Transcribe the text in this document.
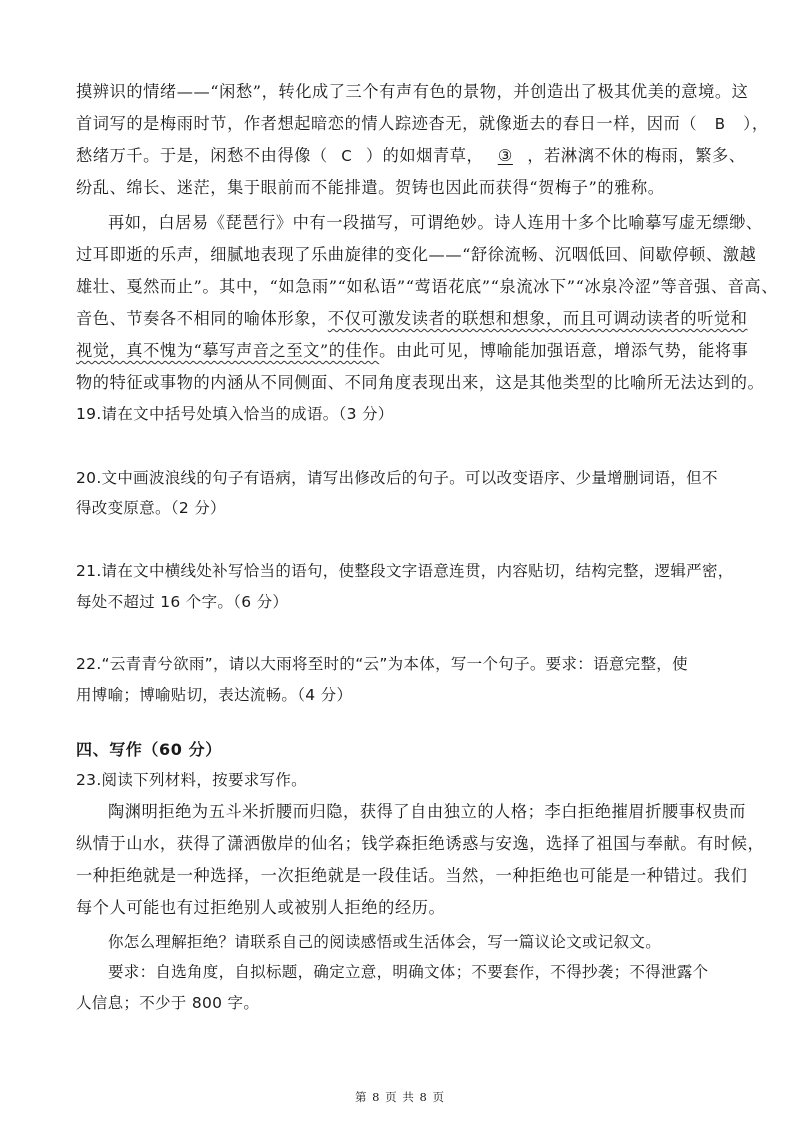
摸辨识的情绪——“闲愁”，转化成了三个有声有色的景物，并创造出了极其优美的意境。这
首词写的是梅雨时节，作者想起暗恋的情人踪迹杳无，就像逝去的春日一样，因而（ B ），
愁绪万千。于是，闲愁不由得像（ C ）的如烟青草， ③ ，若淋漓不休的梅雨，繁多、
纷乱、绵长、迷茫，集于眼前而不能排遣。贺铸也因此而获得“贺梅子”的雅称。
再如，白居易《琵琶行》中有一段描写，可谓绝妙。诗人连用十多个比喻摹写虚无缥缈、
过耳即逝的乐声，细腻地表现了乐曲旋律的变化——“舒徐流畅、沉咽低回、间歇停顿、激越
雄壮、戛然而止”。其中，“如急雨”“如私语”“莺语花底”“泉流冰下”“冰泉冷涩”等音强、音高、
音色、节奏各不相同的喻体形象，不仅可激发读者的联想和想象，而且可调动读者的听觉和
视觉，真不愧为“摹写声音之至文”的佳作。由此可见，博喻能加强语意，增添气势，能将事
物的特征或事物的内涵从不同侧面、不同角度表现出来，这是其他类型的比喻所无法达到的。
19.请在文中括号处填入恰当的成语。（3 分）
20.文中画波浪线的句子有语病，请写出修改后的句子。可以改变语序、少量增删词语，但不
得改变原意。（2 分）
21.请在文中横线处补写恰当的语句，使整段文字语意连贯，内容贴切，结构完整，逻辑严密，
每处不超过 16 个字。（6 分）
22.“云青青兮欲雨”，请以大雨将至时的“云”为本体，写一个句子。要求：语意完整，使
用博喻；博喻贴切，表达流畅。（4 分）
四、写作（60 分）
23.阅读下列材料，按要求写作。
陶渊明拒绝为五斗米折腰而归隐，获得了自由独立的人格；李白拒绝摧眉折腰事权贵而
纵情于山水，获得了潇洒傲岸的仙名；钱学森拒绝诱惑与安逸，选择了祖国与奉献。有时候，
一种拒绝就是一种选择，一次拒绝就是一段佳话。当然，一种拒绝也可能是一种错过。我们
每个人可能也有过拒绝别人或被别人拒绝的经历。
你怎么理解拒绝？请联系自己的阅读感悟或生活体会，写一篇议论文或记叙文。
要求：自选角度，自拟标题，确定立意，明确文体；不要套作，不得抄袭；不得泄露个
人信息；不少于 800 字。
第 8 页 共 8 页
